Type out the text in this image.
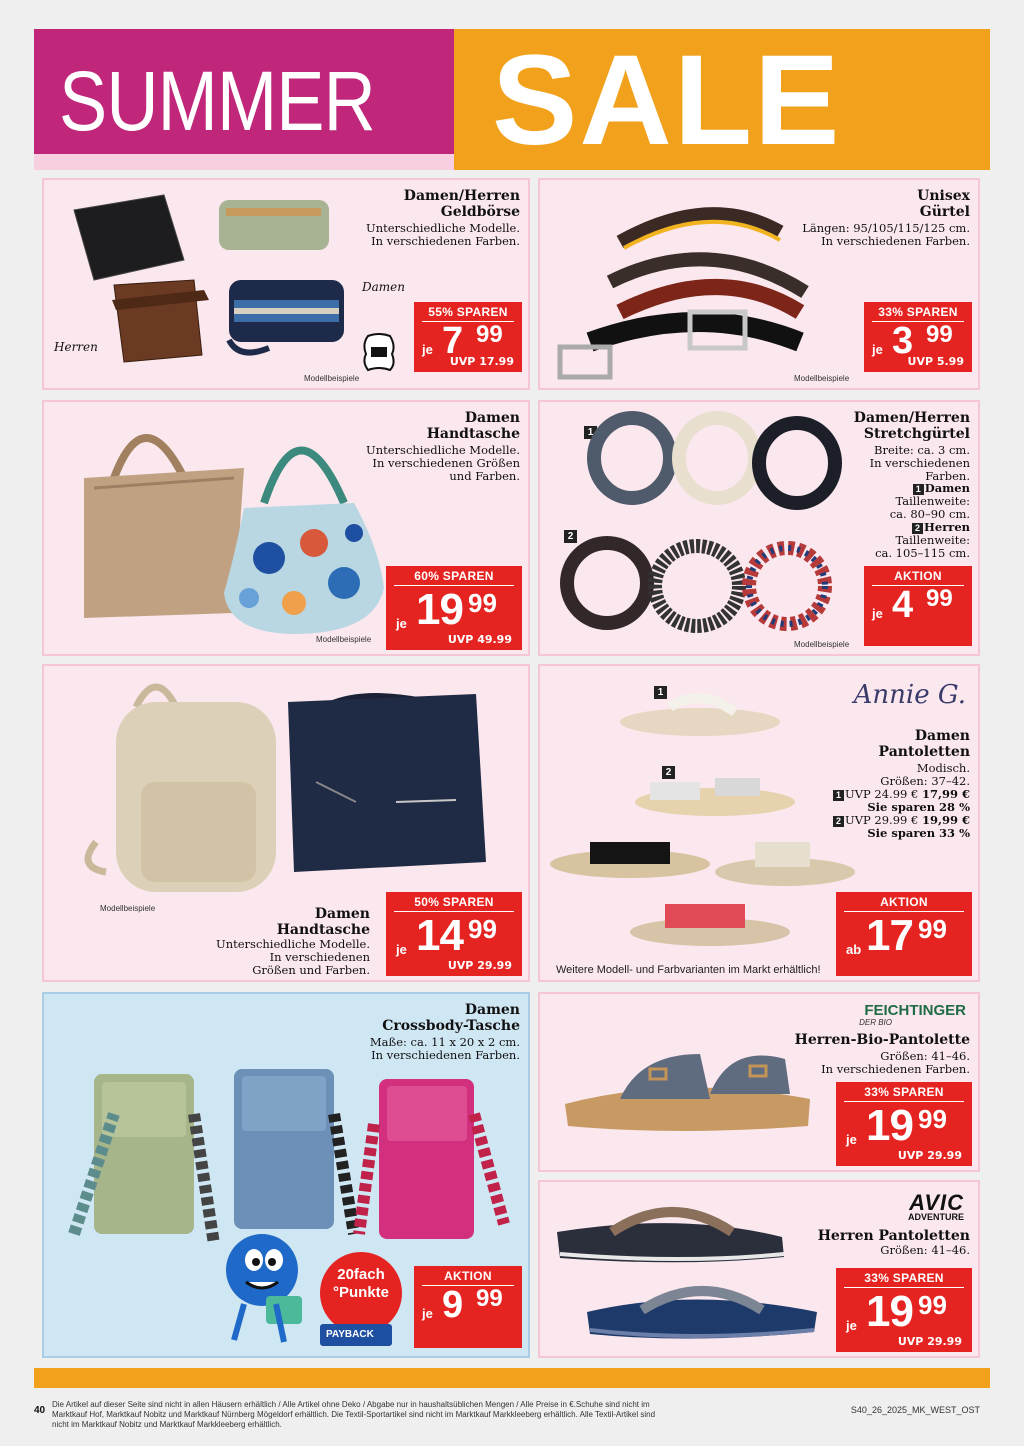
SUMMER SALE
Herren
Damen
Damen/Herren
Geldbörse
Unterschiedliche Modelle.
In verschiedenen Farben.
55% SPAREN
je 7 99
UVP 17.99
Modellbeispiele
Unisex
Gürtel
Längen: 95/105/115/125 cm.
In verschiedenen Farben.
33% SPAREN
je 3 99
UVP 5.99
Modellbeispiele
Damen
Handtasche
Unterschiedliche Modelle.
In verschiedenen Größen
und Farben.
60% SPAREN
je 19 99
UVP 49.99
Modellbeispiele
1
2
Damen/Herren
Stretchgürtel
Breite: ca. 3 cm.
In verschiedenen
Farben.
1 Damen
Taillenweite:
ca. 80–90 cm.
2 Herren
Taillenweite:
ca. 105–115 cm.
AKTION
je 4 99
Modellbeispiele
Modellbeispiele	Damen
Handtasche
Unterschiedliche Modelle.
In verschiedenen
Größen und Farben.
50% SPAREN
je 14 99
UVP 29.99
Annie G.
1
2
Damen
Pantoletten
Modisch.
Größen: 37–42.
1 UVP 24.99 € 17,99 €
Sie sparen 28 %
2 UVP 29.99 € 19,99 €
Sie sparen 33 %
AKTION
ab 17 99
Weitere Modell- und Farbvarianten im Markt erhältlich!
20fach
°Punkte
PAYBACK
Damen
Crossbody-Tasche
Maße: ca. 11 x 20 x 2 cm.
In verschiedenen Farben.
AKTION
je 9 99
FEICHTINGER
DER BIO
Herren-Bio-Pantolette
Größen: 41–46.
In verschiedenen Farben.
33% SPAREN
je 19 99
UVP 29.99
AVIC
ADVENTURE
Herren Pantoletten
Größen: 41–46.
33% SPAREN
je 19 99
UVP 29.99
40
Die Artikel auf dieser Seite sind nicht in allen Häusern erhältlich / Alle Artikel ohne Deko / Abgabe nur in haushaltsüblichen Mengen / Alle Preise in €.Schuhe sind nicht im Marktkauf Hof, Marktkauf Nobitz und Marktkauf Nürnberg Mögeldorf erhältlich. Die Textil-Sportartikel sind nicht im Marktkauf Markkleeberg erhältlich. Alle Textil-Artikel sind nicht im Marktkauf Nobitz und Marktkauf Markkleeberg erhältlich.
S40_26_2025_MK_WEST_OST
